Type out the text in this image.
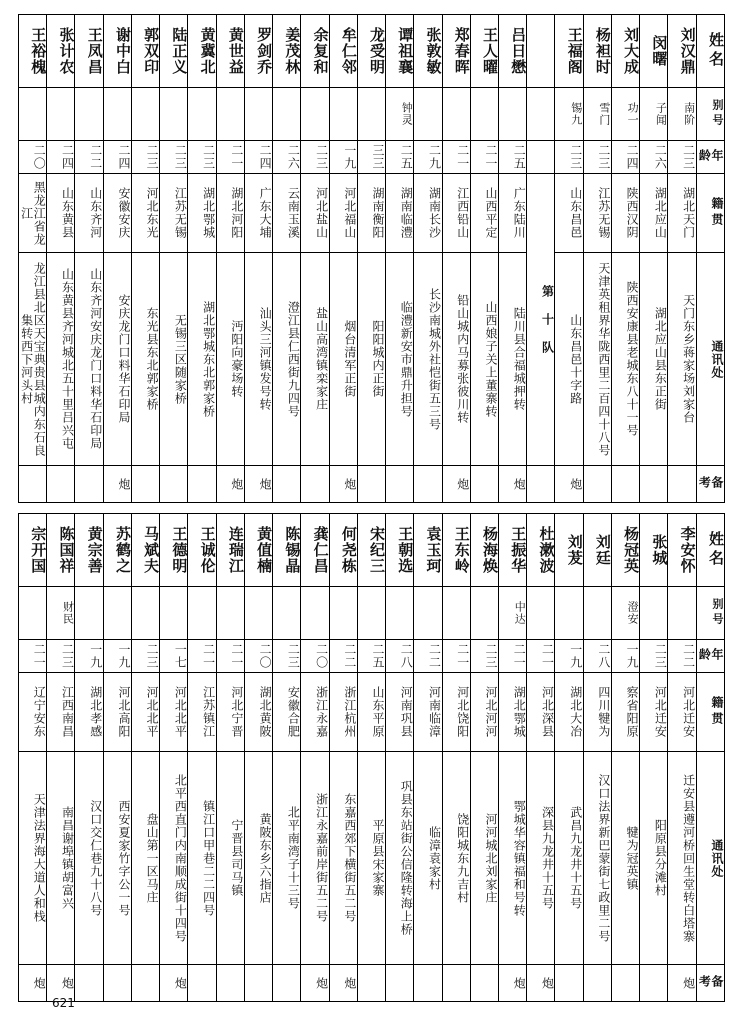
王裕槐	张计农	王凤昌	谢中白	郭双印	陆正义	黄冀北	黄世益	罗剑乔	姜茂林	余复和	牟仁邻	龙受明	谭祖襄	张敦敏	郑春晖	王人曜	吕日懋		王福阁	杨袒时	刘大成	闵曙	刘汉鼎	姓名
													钟灵						锡九	雪门	功一	子闻	南阶	别号
二〇	二四	二二	二四	二三	二三	二三	二一	二四	二六	二三	一九	三三	二五	二九	二一	二一	二五		二三	二三	二四	二六	二三	年龄
黑龙江省龙江	山东黄县	山东齐河	安徽安庆	河北东光	江苏无锡	湖北鄂城	湖北河阳	广东大埔	云南玉溪	河北盐山	河北福山	湖南衡阳	湖南临澧	湖南长沙	江西铅山	山西平定	广东陆川	第 十 队	山东昌邑	江苏无锡	陕西汉阴	湖北应山	湖北天门	籍贯
龙江县北区天宝典贵县城内东石良集转西下河头村	山东黄县齐河城北五十里吕兴屯	山东齐河安庆龙门口料华石印局	安庆龙门口料华石印局	东光县东北郭家桥	无锡三区随家桥	湖北鄂城东北郭家桥	沔阳向豪场转	汕头三河镇发号转	澄江县仁西街九四号	盐山高湾镇栾家庄	烟台清军正街	阳阳城内正街	临澧新安市鼎升担号	长沙南城外社恺街五三号	铅山城内马募张彼川转	山西娘子关上董寨转	陆川县合福城押转		山东昌邑十字路	天津英租界华陇西里二百四十八号	陕西安康县老城东八十一号	湖北应山县东正街	天门东乡蒋家场刘家台	通讯处
			炮				炮	炮			炮				炮		炮		炮					备考
宗开国	陈国祥	黄宗善	苏鹤之	马斌夫	王德明	王诚伦	连瑞江	黄值楠	陈锡晶	龚仁昌	何尧栋	宋纪三	王朝选	袁玉珂	王东岭	杨海焕	王振华	杜漱波	刘茇	刘廷	杨冠英	张城	李安怀	姓名
	财民																中达				澄安			别号
二一	二三	一九	一九	二三	一七	二一	二一	二〇	二三	二〇	二二	二五	二八	二二	二一	二三	二一	二一	一九	二八	一九	二三	二二	年龄
辽宁安东	江西南昌	湖北孝感	河北高阳	河北北平	河北北平	江苏镇江	河北宁晋	湖北黄陂	安徽合肥	浙江永嘉	浙江杭州	山东平原	河南巩县	河南临漳	河北饶阳	河北河河	湖北鄂城	河北深县	湖北大冶	四川犍为	察省阳原	河北迁安	河北迁安	籍贯
天津法界海大道人和栈	南昌谢埠镇胡富兴	汉口交仁巷九十八号	西安夏家竹字公一号	盘山第一区马庄	北平西直门内南顺成街十四号	镇江口甲巷二二四号	宁晋县司马镇	黄陂东乡六指店	北平南湾子十三号	浙江永嘉前岸街五二号	东嘉西郊下横街五二号	平原县宋家寨	巩县东站街公信隆转海上桥	临漳袁家村	饶阳城东九吉村	河河城北刘家庄	鄂城华容镇福和号转	深县九龙井十五号	武昌九龙井十五号	汉口法界新巴蒙街七政里二号	犍为冠英镇	阳原县分滩村	迁安县遵河桥回生堂转白塔寨	通讯处
炮	炮				炮					炮	炮						炮	炮					炮	备考
621
